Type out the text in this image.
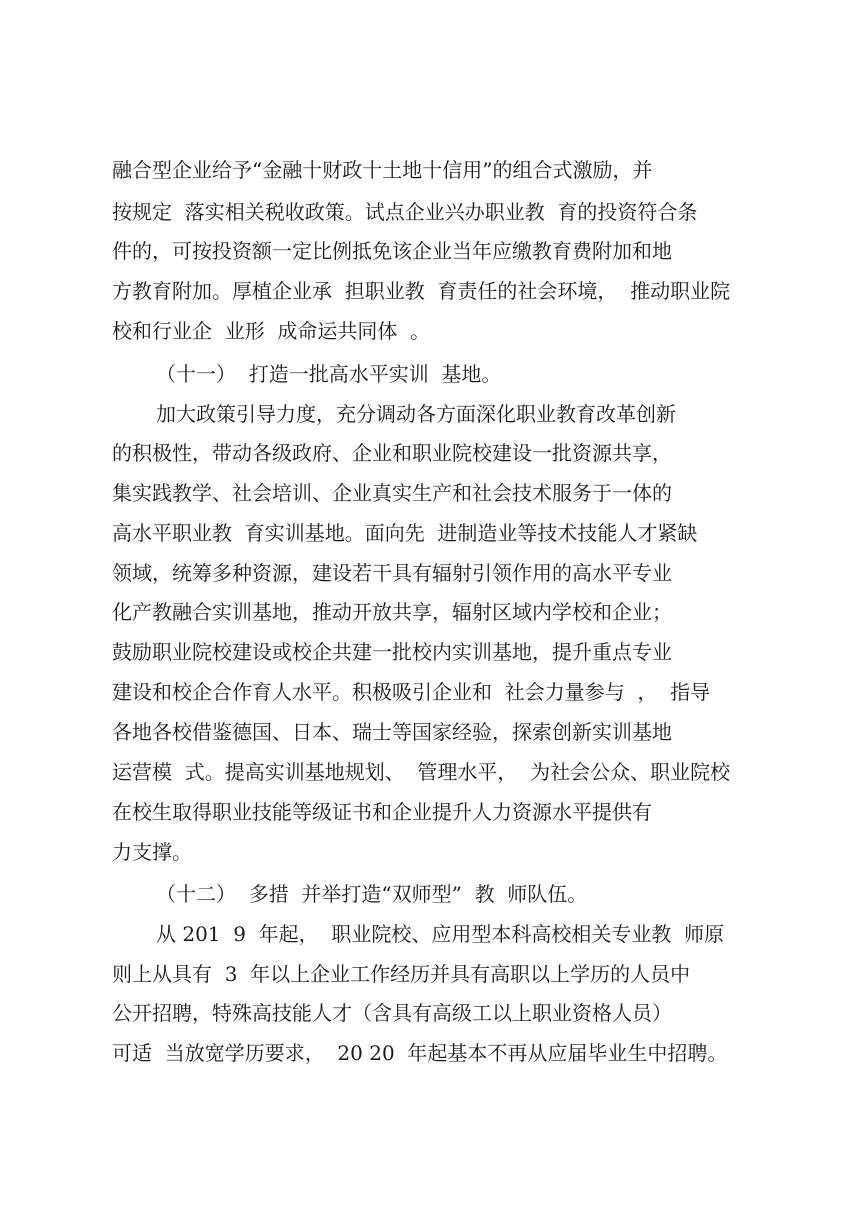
融合型企业给予“金融十财政十土地十信用”的组合式激励，并
按规定  落实相关税收政策。试点企业兴办职业教  育的投资符合条
件的，可按投资额一定比例抵免该企业当年应缴教育费附加和地
方教育附加。厚植企业承  担职业教  育责任的社会环境，  推动职业院
校和行业企  业形  成命运共同体  。
（十一）  打造一批高水平实训  基地。
加大政策引导力度，充分调动各方面深化职业教育改革创新
的积极性，带动各级政府、企业和职业院校建设一批资源共享，
集实践教学、社会培训、企业真实生产和社会技术服务于一体的
高水平职业教  育实训基地。面向先  进制造业等技术技能人才紧缺
领域，统筹多种资源，建设若干具有辐射引领作用的高水平专业
化产教融合实训基地，推动开放共享，辐射区域内学校和企业；
鼓励职业院校建设或校企共建一批校内实训基地，提升重点专业
建设和校企合作育人水平。积极吸引企业和  社会力量参与  ，  指导
各地各校借鉴德国、日本、瑞士等国家经验，探索创新实训基地
运营模  式。提高实训基地规划、  管理水平，  为社会公众、职业院校
在校生取得职业技能等级证书和企业提升人力资源水平提供有
力支撑。
（十二）  多措  并举打造“双师型”  教  师队伍。
从 201  9  年起，  职业院校、应用型本科高校相关专业教  师原
则上从具有  3  年以上企业工作经历并具有高职以上学历的人员中
公开招聘，特殊高技能人才（含具有高级工以上职业资格人员）
可适  当放宽学历要求，  20 20  年起基本不再从应届毕业生中招聘。
